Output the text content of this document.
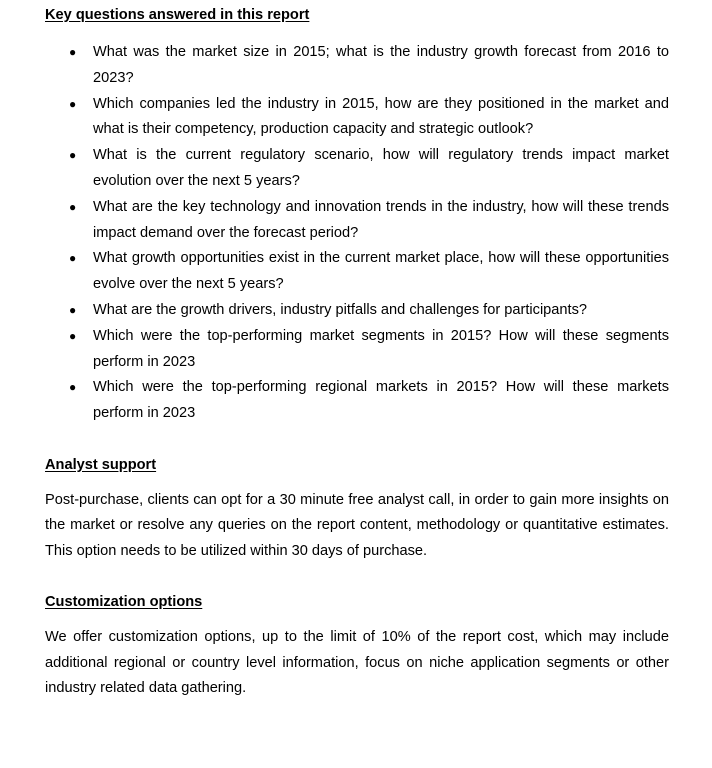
Key questions answered in this report
● What was the market size in 2015; what is the industry growth forecast from 2016 to 2023?
● Which companies led the industry in 2015, how are they positioned in the market and what is their competency, production capacity and strategic outlook?
● What is the current regulatory scenario, how will regulatory trends impact market evolution over the next 5 years?
● What are the key technology and innovation trends in the industry, how will these trends impact demand over the forecast period?
● What growth opportunities exist in the current market place, how will these opportunities evolve over the next 5 years?
● What are the growth drivers, industry pitfalls and challenges for participants?
● Which were the top-performing market segments in 2015? How will these segments perform in 2023
● Which were the top-performing regional markets in 2015? How will these markets perform in 2023
Analyst support

Post-purchase, clients can opt for a 30 minute free analyst call, in order to gain more insights on the market or resolve any queries on the report content, methodology or quantitative estimates. This option needs to be utilized within 30 days of purchase.

Customization options

We offer customization options, up to the limit of 10% of the report cost, which may include additional regional or country level information, focus on niche application segments or other industry related data gathering.
